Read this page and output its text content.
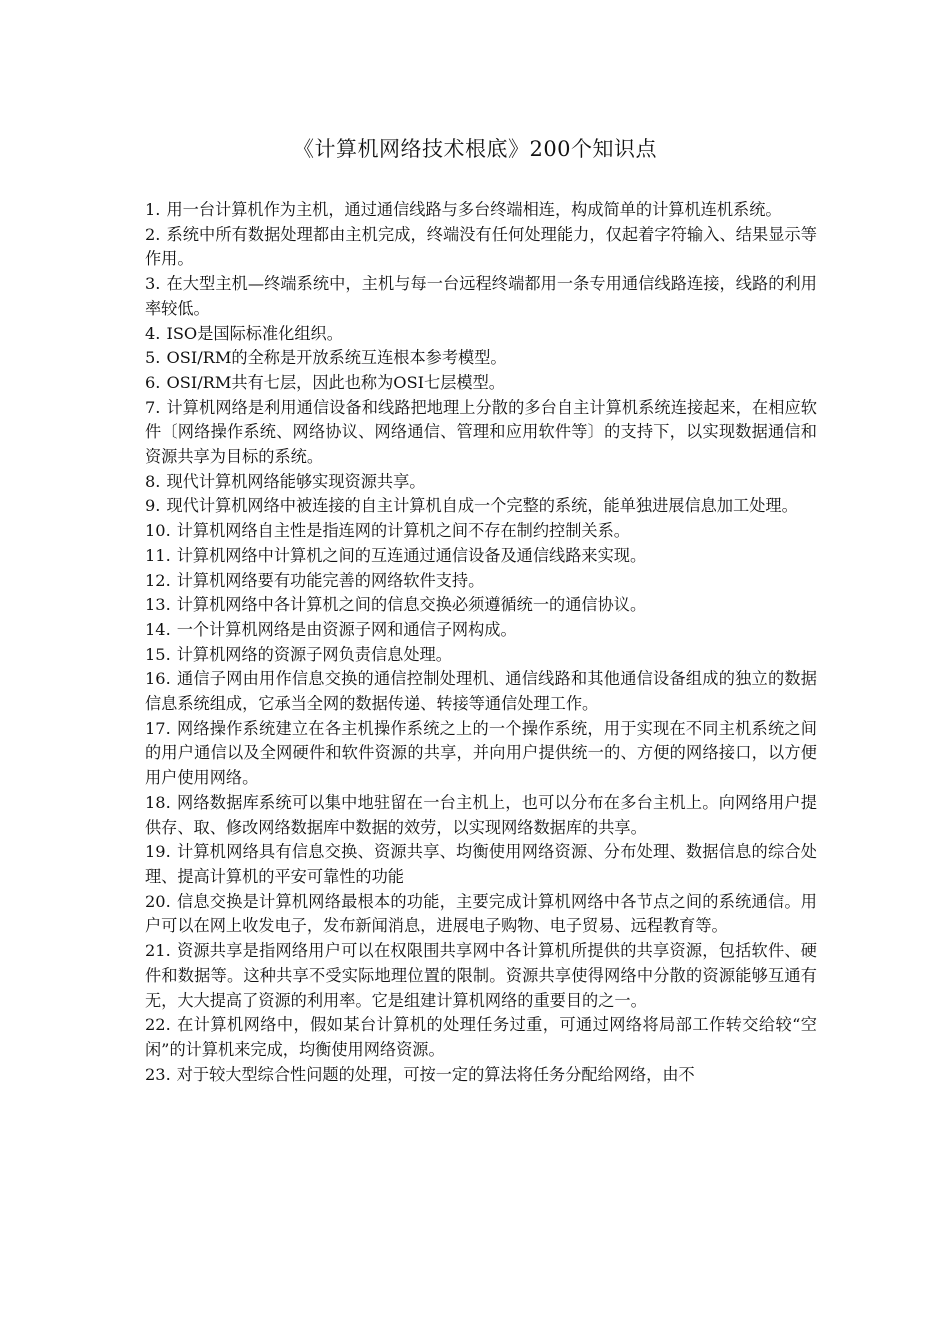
《计算机网络技术根底》200个知识点

1. 用一台计算机作为主机，通过通信线路与多台终端相连，构成简单的计算机连机系统。

2. 系统中所有数据处理都由主机完成，终端没有任何处理能力，仅起着字符输入、结果显示等作用。

3. 在大型主机—终端系统中，主机与每一台远程终端都用一条专用通信线路连接，线路的利用率较低。

4. ISO是国际标准化组织。

5. OSI/RM的全称是开放系统互连根本参考模型。

6. OSI/RM共有七层，因此也称为OSI七层模型。

7. 计算机网络是利用通信设备和线路把地理上分散的多台自主计算机系统连接起来，在相应软件〔网络操作系统、网络协议、网络通信、管理和应用软件等〕的支持下，以实现数据通信和资源共享为目标的系统。

8. 现代计算机网络能够实现资源共享。

9. 现代计算机网络中被连接的自主计算机自成一个完整的系统，能单独进展信息加工处理。

10. 计算机网络自主性是指连网的计算机之间不存在制约控制关系。

11. 计算机网络中计算机之间的互连通过通信设备及通信线路来实现。

12. 计算机网络要有功能完善的网络软件支持。

13. 计算机网络中各计算机之间的信息交换必须遵循统一的通信协议。

14. 一个计算机网络是由资源子网和通信子网构成。

15. 计算机网络的资源子网负责信息处理。

16. 通信子网由用作信息交换的通信控制处理机、通信线路和其他通信设备组成的独立的数据信息系统组成，它承当全网的数据传递、转接等通信处理工作。

17. 网络操作系统建立在各主机操作系统之上的一个操作系统，用于实现在不同主机系统之间的用户通信以及全网硬件和软件资源的共享，并向用户提供统一的、方便的网络接口，以方便用户使用网络。

18. 网络数据库系统可以集中地驻留在一台主机上，也可以分布在多台主机上。向网络用户提供存、取、修改网络数据库中数据的效劳，以实现网络数据库的共享。

19. 计算机网络具有信息交换、资源共享、均衡使用网络资源、分布处理、数据信息的综合处理、提高计算机的平安可靠性的功能

20. 信息交换是计算机网络最根本的功能，主要完成计算机网络中各节点之间的系统通信。用户可以在网上收发电子，发布新闻消息，进展电子购物、电子贸易、远程教育等。

21. 资源共享是指网络用户可以在权限围共享网中各计算机所提供的共享资源，包括软件、硬件和数据等。这种共享不受实际地理位置的限制。资源共享使得网络中分散的资源能够互通有无，大大提高了资源的利用率。它是组建计算机网络的重要目的之一。

22. 在计算机网络中，假如某台计算机的处理任务过重，可通过网络将局部工作转交给较“空闲”的计算机来完成，均衡使用网络资源。

23. 对于较大型综合性问题的处理，可按一定的算法将任务分配给网络，由不
